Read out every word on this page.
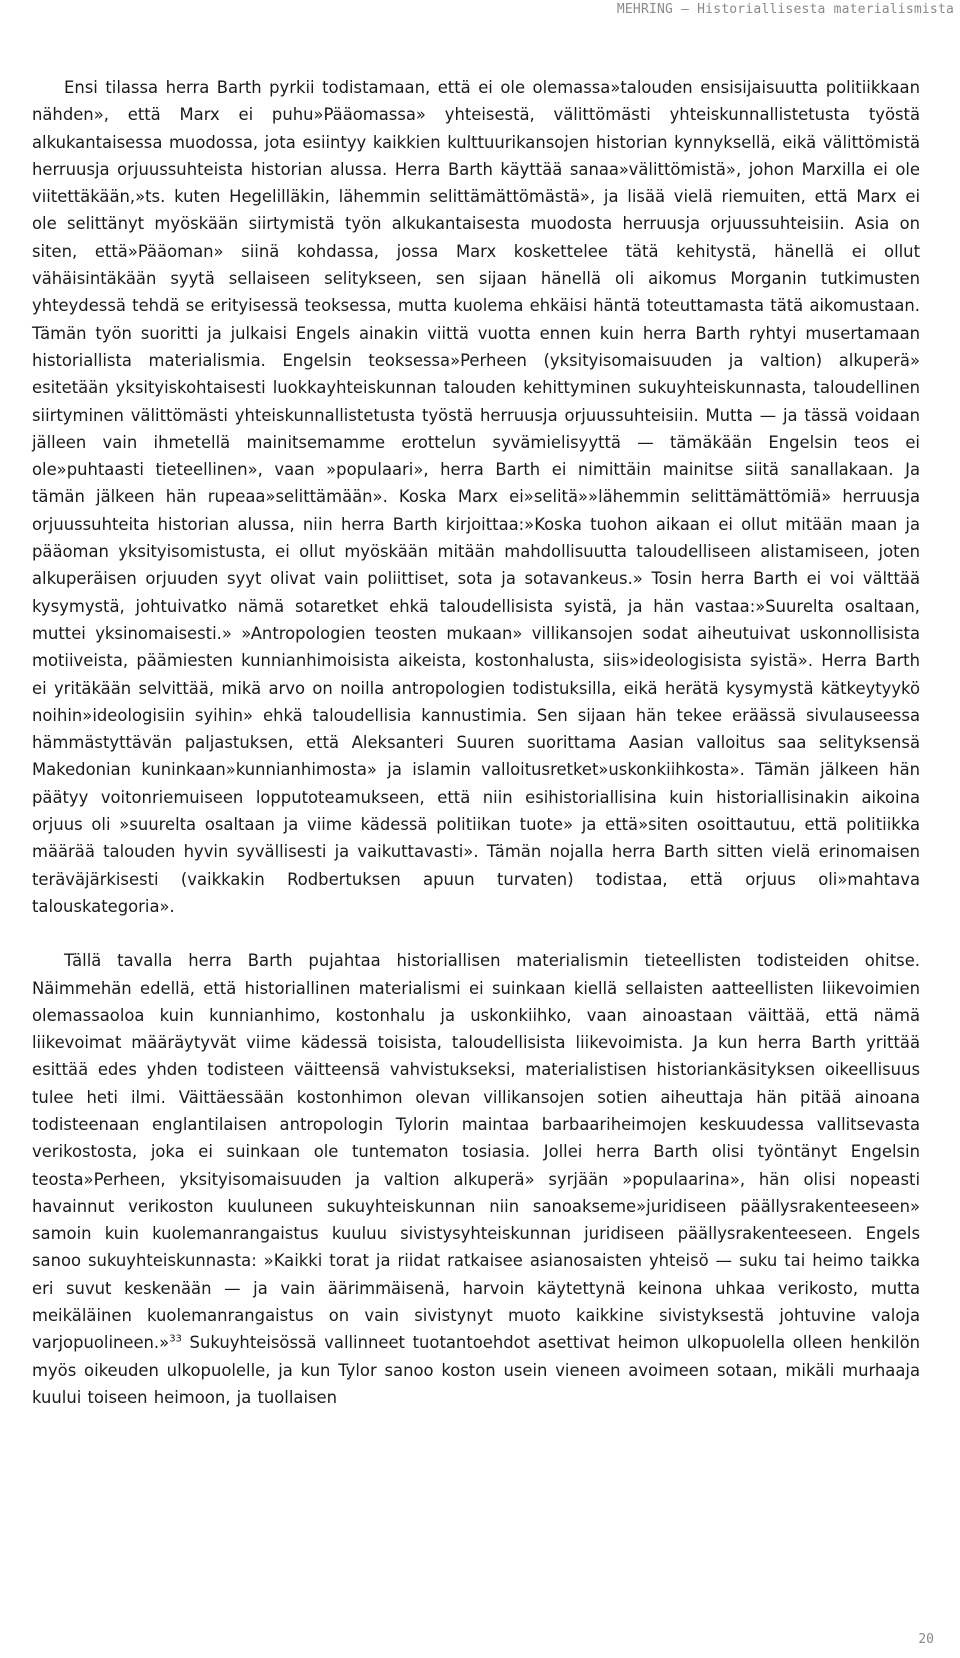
MEHRING – Historiallisesta materialismista

Ensi tilassa herra Barth pyrkii todistamaan, että ei ole olemassa»talouden ensisijaisuutta politiikkaan nähden», että Marx ei puhu»Pääomassa» yhteisestä, välittömästi yhteiskunnallistetusta työstä alkukantaisessa muodossa, jota esiintyy kaikkien kulttuurikansojen historian kynnyksellä, eikä välittömistä herruusja orjuussuhteista historian alussa. Herra Barth käyttää sanaa»välittömistä», johon Marxilla ei ole viitettäkään,»ts. kuten Hegelilläkin, lähemmin selittämättömästä», ja lisää vielä riemuiten, että Marx ei ole selittänyt myöskään siirtymistä työn alkukantaisesta muodosta herruusja orjuussuhteisiin. Asia on siten, että»Pääoman» siinä kohdassa, jossa Marx koskettelee tätä kehitystä, hänellä ei ollut vähäisintäkään syytä sellaiseen selitykseen, sen sijaan hänellä oli aikomus Morganin tutkimusten yhteydessä tehdä se erityisessä teoksessa, mutta kuolema ehkäisi häntä toteuttamasta tätä aikomustaan. Tämän työn suoritti ja julkaisi Engels ainakin viittä vuotta ennen kuin herra Barth ryhtyi musertamaan historiallista materialismia. Engelsin teoksessa»Perheen (yksityisomaisuuden ja valtion) alkuperä» esitetään yksityiskohtaisesti luokkayhteiskunnan talouden kehittyminen sukuyhteiskunnasta, taloudellinen siirtyminen välittömästi yhteiskunnallistetusta työstä herruusja orjuussuhteisiin. Mutta — ja tässä voidaan jälleen vain ihmetellä mainitsemamme erottelun syvämielisyyttä — tämäkään Engelsin teos ei ole»puhtaasti tieteellinen», vaan »populaari», herra Barth ei nimittäin mainitse siitä sanallakaan. Ja tämän jälkeen hän rupeaa»selittämään». Koska Marx ei»selitä»»lähemmin selittämättömiä» herruusja orjuussuhteita historian alussa, niin herra Barth kirjoittaa:»Koska tuohon aikaan ei ollut mitään maan ja pääoman yksityisomistusta, ei ollut myöskään mitään mahdollisuutta taloudelliseen alistamiseen, joten alkuperäisen orjuuden syyt olivat vain poliittiset, sota ja sotavankeus.» Tosin herra Barth ei voi välttää kysymystä, johtuivatko nämä sotaretket ehkä taloudellisista syistä, ja hän vastaa:»Suurelta osaltaan, muttei yksinomaisesti.» »Antropologien teosten mukaan» villikansojen sodat aiheutuivat uskonnollisista motiiveista, päämiesten kunnianhimoisista aikeista, kostonhalusta, siis»ideologisista syistä». Herra Barth ei yritäkään selvittää, mikä arvo on noilla antropologien todistuksilla, eikä herätä kysymystä kätkeytyykö noihin»ideologisiin syihin» ehkä taloudellisia kannustimia. Sen sijaan hän tekee eräässä sivulauseessa hämmästyttävän paljastuksen, että Aleksanteri Suuren suorittama Aasian valloitus saa selityksensä Makedonian kuninkaan»kunnianhimosta» ja islamin valloitusretket»uskonkiihkosta». Tämän jälkeen hän päätyy voitonriemuiseen lopputoteamukseen, että niin esihistoriallisina kuin historiallisinakin aikoina orjuus oli »suurelta osaltaan ja viime kädessä politiikan tuote» ja että»siten osoittautuu, että politiikka määrää talouden hyvin syvällisesti ja vaikuttavasti». Tämän nojalla herra Barth sitten vielä erinomaisen teräväjärkisesti (vaikkakin Rodbertuksen apuun turvaten) todistaa, että orjuus oli»mahtava talouskategoria».

Tällä tavalla herra Barth pujahtaa historiallisen materialismin tieteellisten todisteiden ohitse. Näimmehän edellä, että historiallinen materialismi ei suinkaan kiellä sellaisten aatteellisten liikevoimien olemassaoloa kuin kunnianhimo, kostonhalu ja uskonkiihko, vaan ainoastaan väittää, että nämä liikevoimat määräytyvät viime kädessä toisista, taloudellisista liikevoimista. Ja kun herra Barth yrittää esittää edes yhden todisteen väitteensä vahvistukseksi, materialistisen historiankäsityksen oikeellisuus tulee heti ilmi. Väittäessään kostonhimon olevan villikansojen sotien aiheuttaja hän pitää ainoana todisteenaan englantilaisen antropologin Tylorin maintaa barbaariheimojen keskuudessa vallitsevasta verikostosta, joka ei suinkaan ole tuntematon tosiasia. Jollei herra Barth olisi työntänyt Engelsin teosta»Perheen, yksityisomaisuuden ja valtion alkuperä» syrjään »populaarina», hän olisi nopeasti havainnut verikoston kuuluneen sukuyhteiskunnan niin sanoakseme»juridiseen päällysrakenteeseen» samoin kuin kuolemanrangaistus kuuluu sivistysyhteiskunnan juridiseen päällysrakenteeseen. Engels sanoo sukuyhteiskunnasta: »Kaikki torat ja riidat ratkaisee asianosaisten yhteisö — suku tai heimo taikka eri suvut keskenään — ja vain äärimmäisenä, harvoin käytettynä keinona uhkaa verikosto, mutta meikäläinen kuolemanrangaistus on vain sivistynyt muoto kaikkine sivistyksestä johtuvine valoja varjopuolineen.»$^{33}$ Sukuyhteisössä vallinneet tuotantoehdot asettivat heimon ulkopuolella olleen henkilön myös oikeuden ulkopuolelle, ja kun Tylor sanoo koston usein vieneen avoimeen sotaan, mikäli murhaaja kuului toiseen heimoon, ja tuollaisen

20
